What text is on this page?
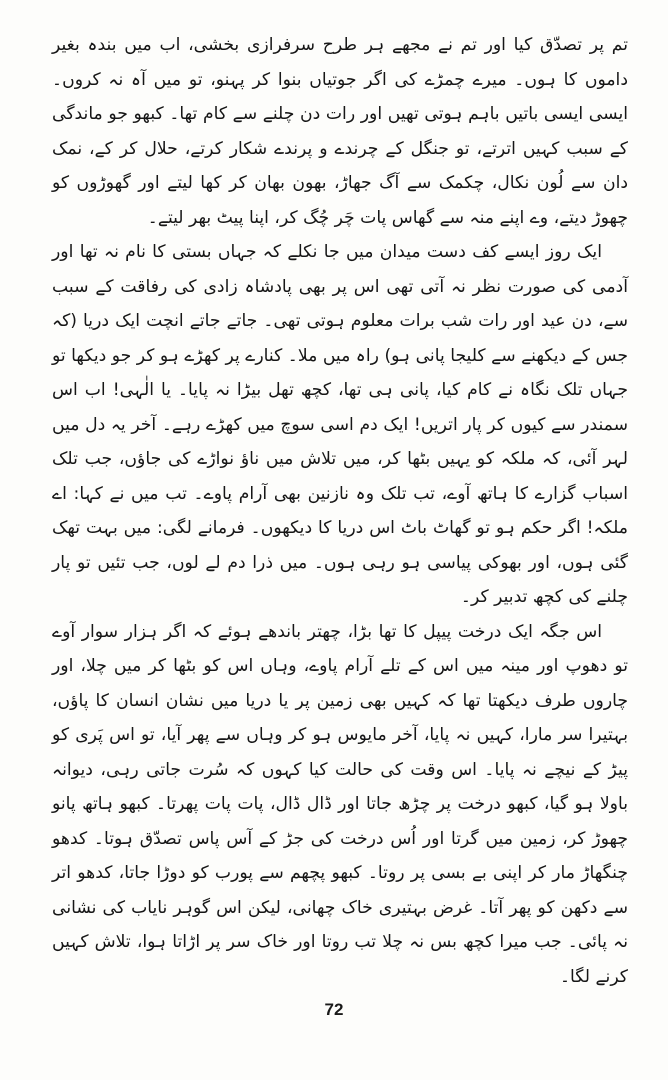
تم پر تصدّق کیا اور تم نے مجھے ہر طرح سرفرازی بخشی، اب میں بندہ بغیر داموں کا ہوں۔ میرے چمڑے کی اگر جوتیاں بنوا کر پہنو، تو میں آہ نہ کروں۔ ایسی ایسی باتیں باہم ہوتی تھیں اور رات دن چلنے سے کام تھا۔ کبھو جو ماندگی کے سبب کہیں اترتے، تو جنگل کے چرندے و پرندے شکار کرتے، حلال کر کے، نمک دان سے لُون نکال، چکمک سے آگ جھاڑ، بھون بھان کر کھا لیتے اور گھوڑوں کو چھوڑ دیتے، وے اپنے منہ سے گھاس پات چَر چُگ کر، اپنا پیٹ بھر لیتے۔

ایک روز ایسے کف دست میدان میں جا نکلے کہ جہاں بستی کا نام نہ تھا اور آدمی کی صورت نظر نہ آتی تھی اس پر بھی پادشاہ زادی کی رفاقت کے سبب سے، دن عید اور رات شب برات معلوم ہوتی تھی۔ جاتے جاتے انچت ایک دریا (کہ جس کے دیکھنے سے کلیجا پانی ہو) راہ میں ملا۔ کنارے پر کھڑے ہو کر جو دیکھا تو جہاں تلک نگاہ نے کام کیا، پانی ہی تھا، کچھ تھل بیڑا نہ پایا۔ یا الٰہی! اب اس سمندر سے کیوں کر پار اتریں! ایک دم اسی سوچ میں کھڑے رہے۔ آخر یہ دل میں لہر آئی، کہ ملکہ کو یہیں بٹھا کر، میں تلاش میں ناؤ نواڑے کی جاؤں، جب تلک اسباب گزارے کا ہاتھ آوے، تب تلک وہ نازنین بھی آرام پاوے۔ تب میں نے کہا: اے ملکہ! اگر حکم ہو تو گھاٹ باٹ اس دریا کا دیکھوں۔ فرمانے لگی: میں بہت تھک گئی ہوں، اور بھوکی پیاسی ہو رہی ہوں۔ میں ذرا دم لے لوں، جب تئیں تو پار چلنے کی کچھ تدبیر کر۔

اس جگہ ایک درخت پیپل کا تھا بڑا، چھتر باندھے ہوئے کہ اگر ہزار سوار آوے تو دھوپ اور مینہ میں اس کے تلے آرام پاوے، وہاں اس کو بٹھا کر میں چلا، اور چاروں طرف دیکھتا تھا کہ کہیں بھی زمین پر یا دریا میں نشان انسان کا پاؤں، بہتیرا سر مارا، کہیں نہ پایا، آخر مایوس ہو کر وہاں سے پھر آیا، تو اس پَری کو پیڑ کے نیچے نہ پایا۔ اس وقت کی حالت کیا کہوں کہ سُرت جاتی رہی، دیوانہ باولا ہو گیا، کبھو درخت پر چڑھ جاتا اور ڈال ڈال، پات پات پھرتا۔ کبھو ہاتھ پانو چھوڑ کر، زمین میں گرتا اور اُس درخت کی جڑ کے آس پاس تصدّق ہوتا۔ کدھو چنگھاڑ مار کر اپنی بے بسی پر روتا۔ کبھو پچھم سے پورب کو دوڑا جاتا، کدھو اتر سے دکھن کو پھر آتا۔ غرض بہتیری خاک چھانی، لیکن اس گوہر نایاب کی نشانی نہ پائی۔ جب میرا کچھ بس نہ چلا تب روتا اور خاک سر پر اڑاتا ہوا، تلاش کہیں کرنے لگا۔

72
